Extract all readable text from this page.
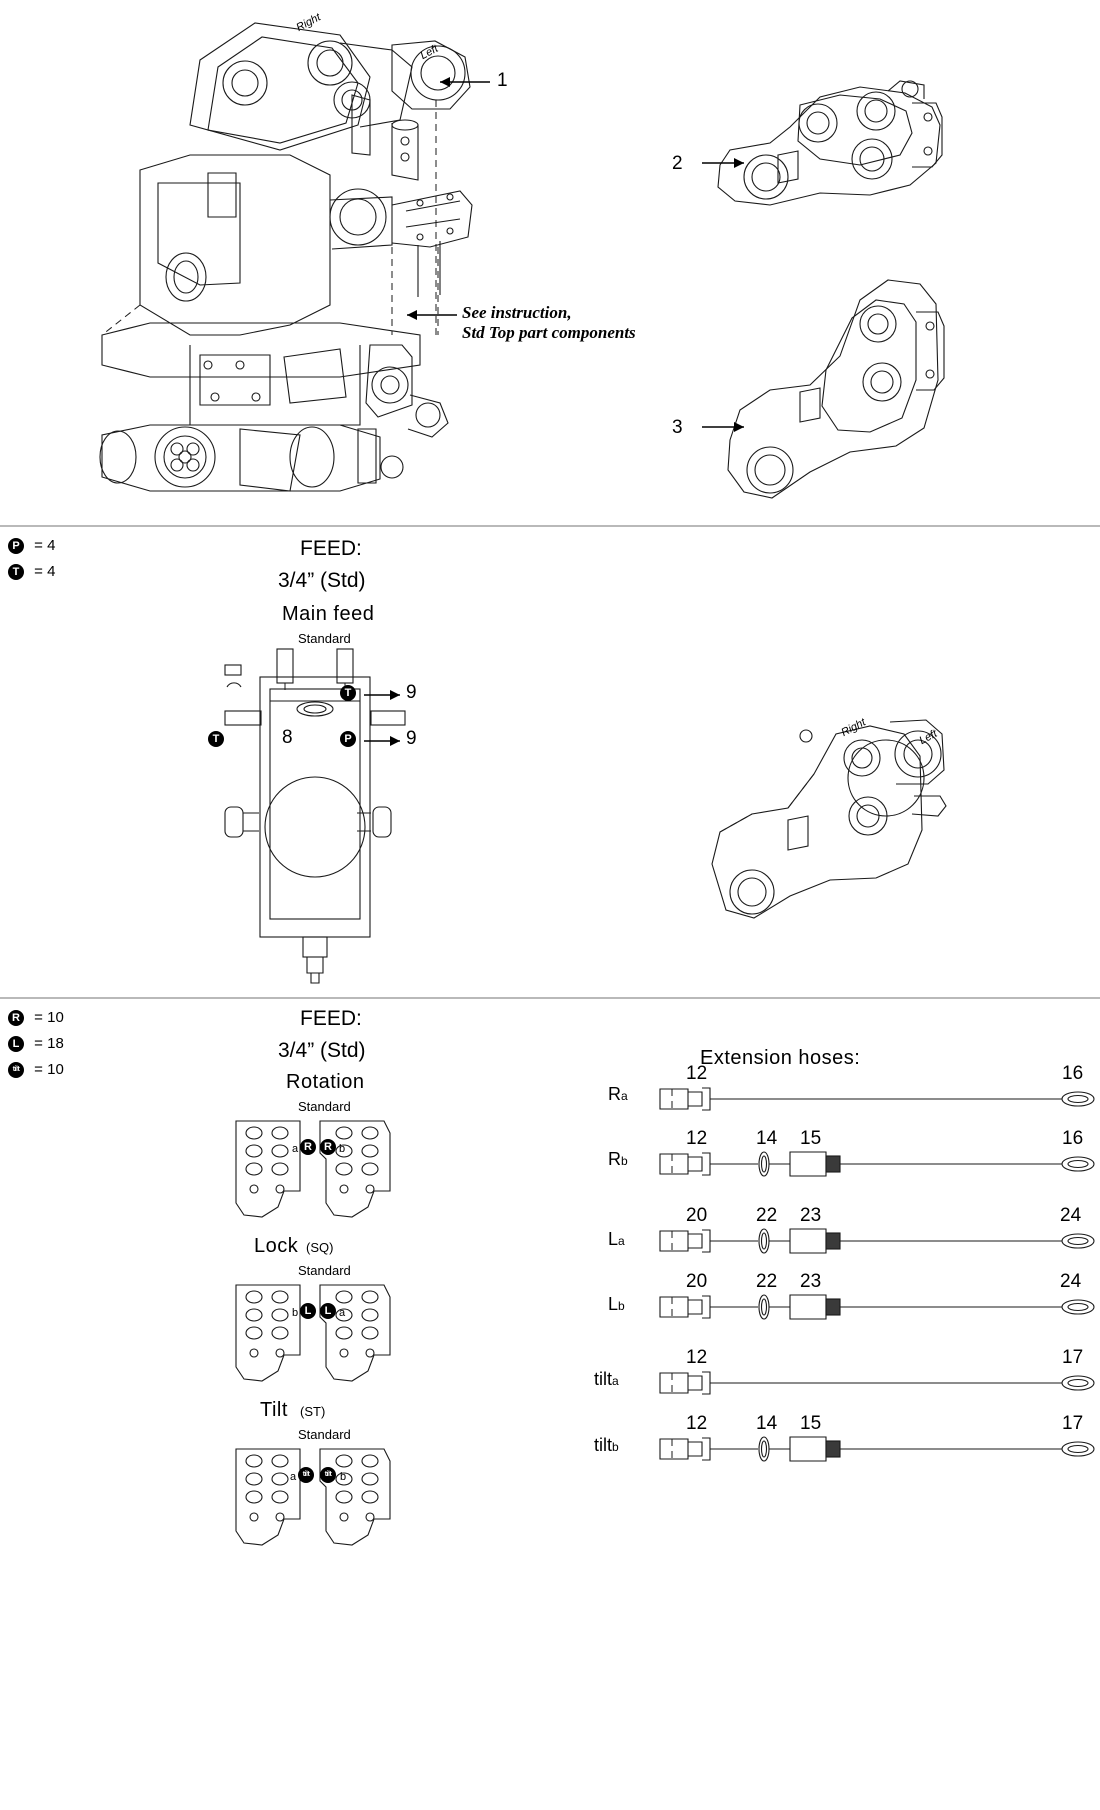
1
Right
Left
See instruction,
Std Top part components
2
3
P = 4
T = 4
FEED:
3/4” (Std)
Main feed
Standard
T	9
P	9
T	8	Right	Left
R = 10
L = 18
tilt = 10
FEED:
3/4” (Std)
Rotation
Standard
a R	R b
Lock (SQ)
Standard
b L	L a
Tilt (ST)
Standard
a tilt	tilt b
Extension hoses:
Ra
12	16
Rb
12	14 15	16
La
20	22 23	24
Lb
20	22 23	24
tilta
12	17
tiltb
12	14 15	17
